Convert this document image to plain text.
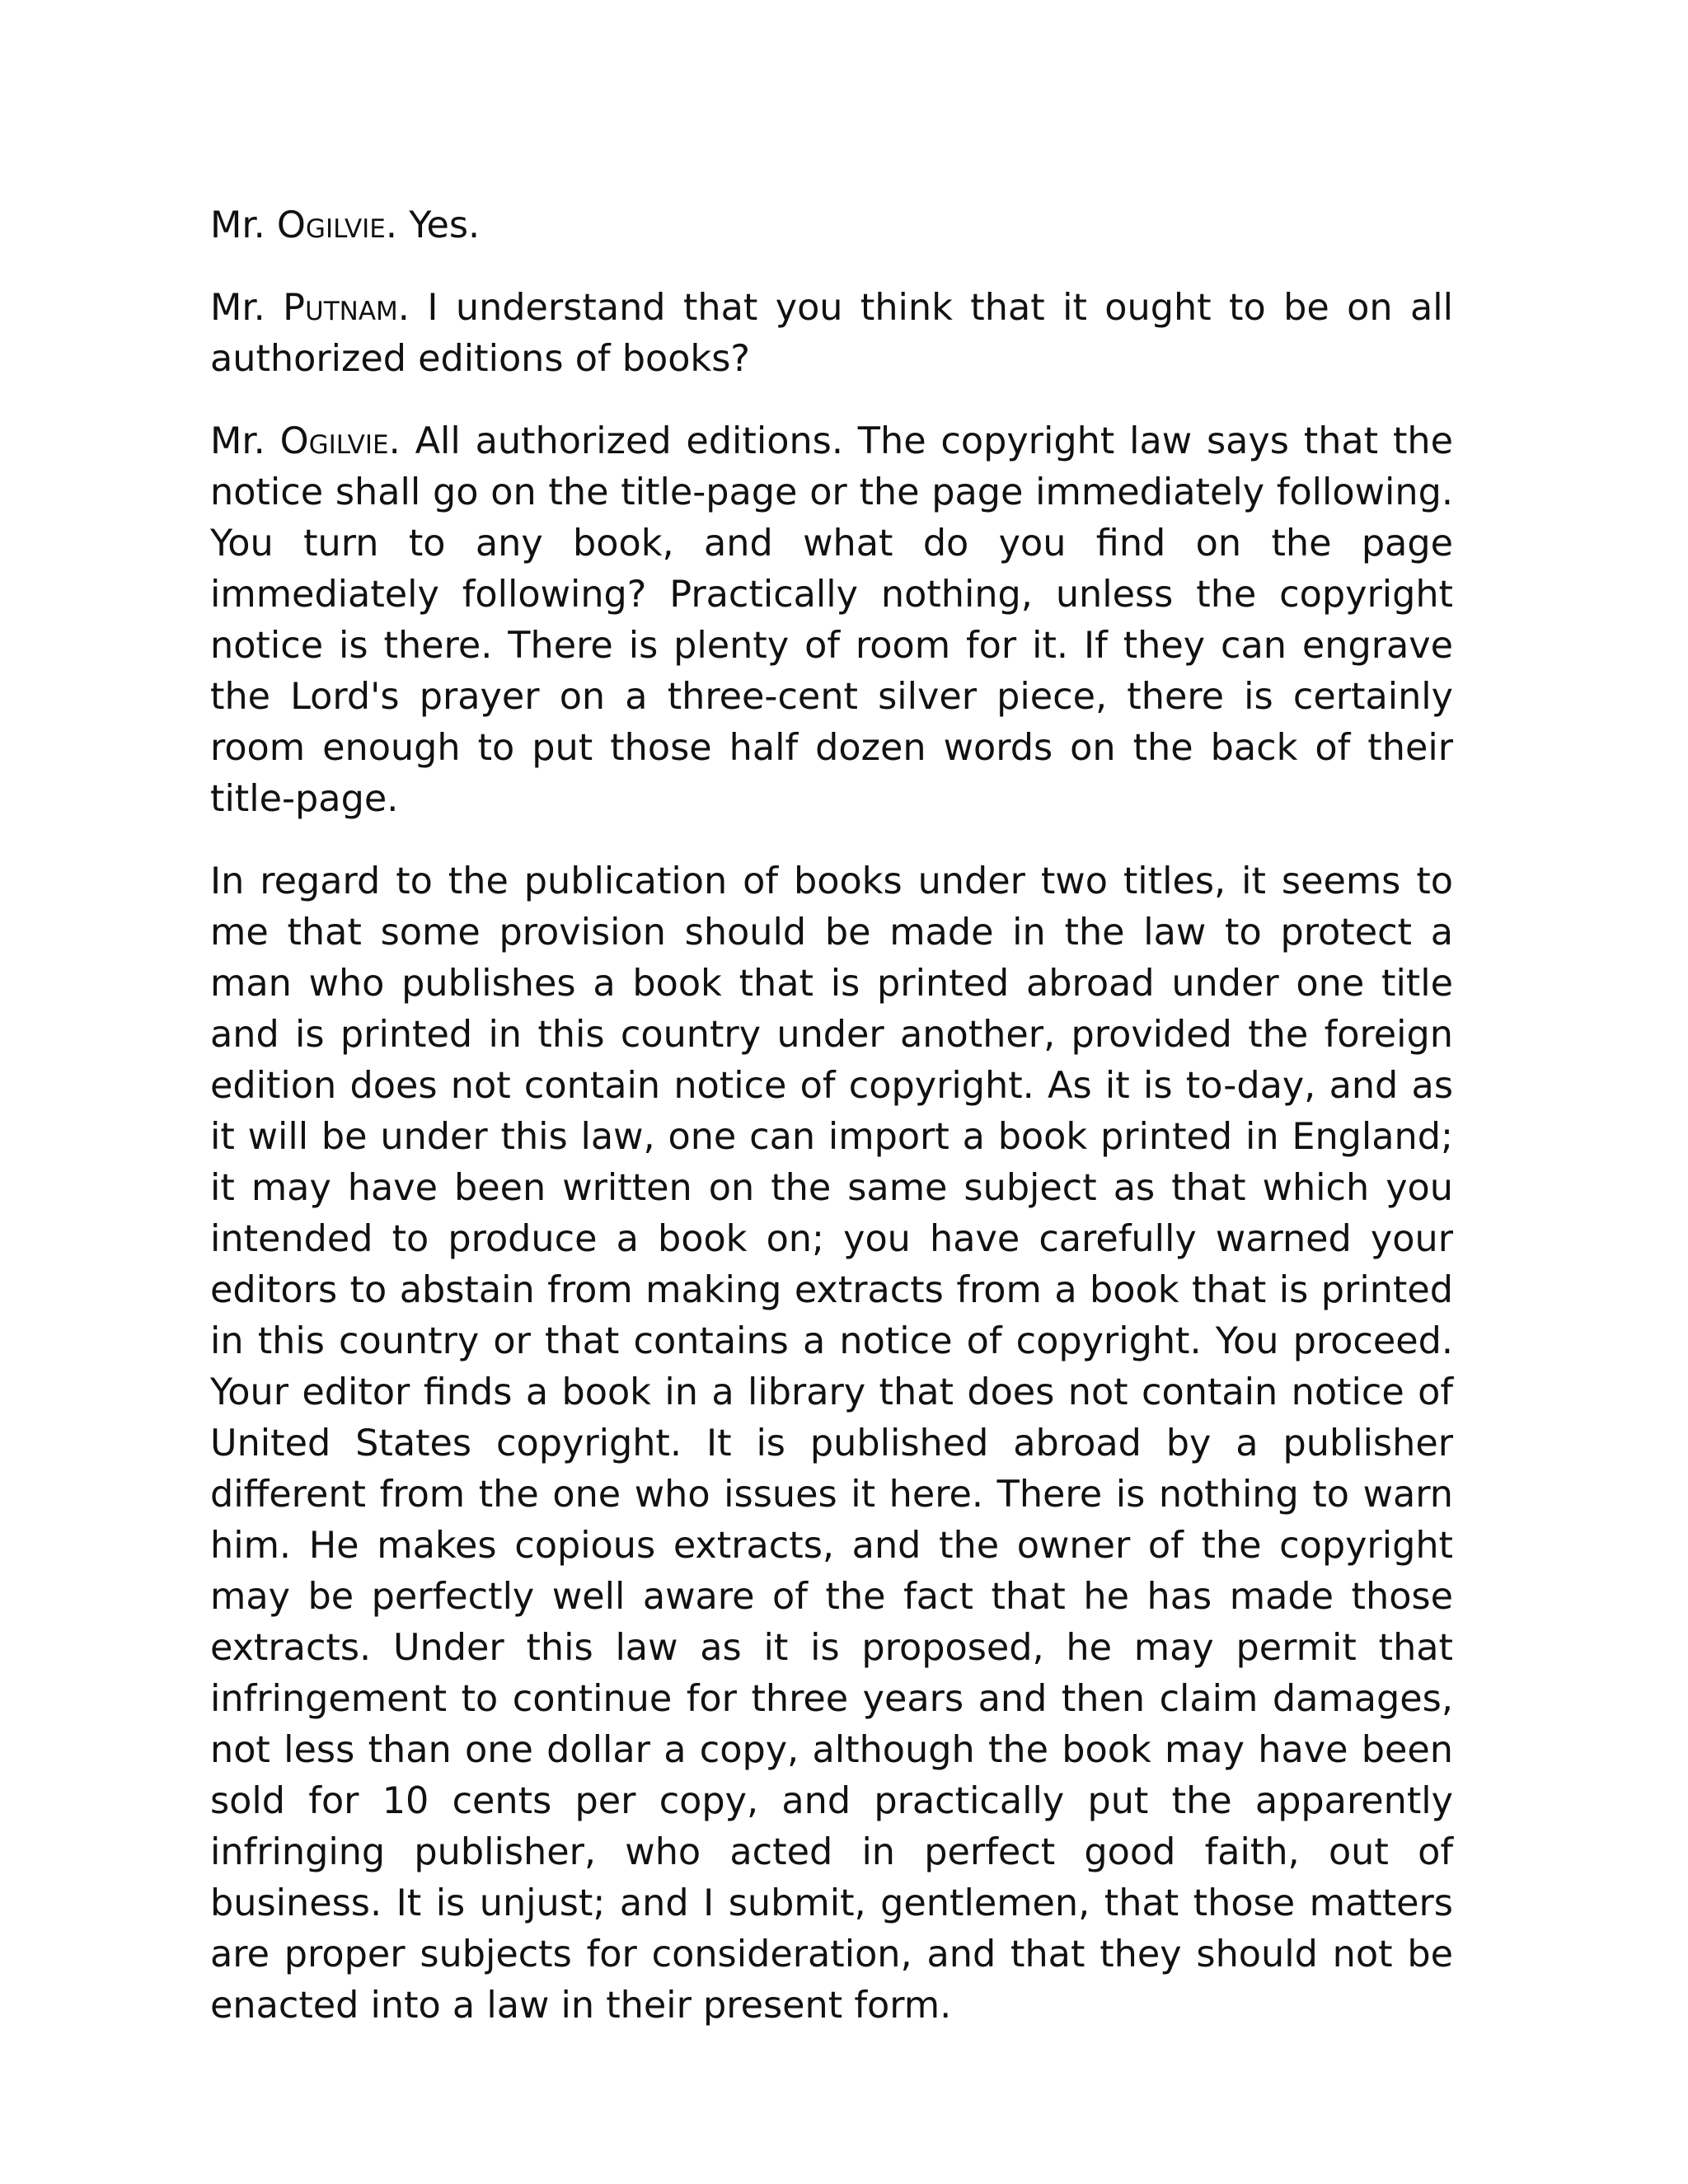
Mr. Ogilvie. Yes.

Mr. Putnam. I understand that you think that it ought to be on all authorized editions of books?

Mr. Ogilvie. All authorized editions. The copyright law says that the notice shall go on the title-page or the page immediately following. You turn to any book, and what do you find on the page immediately following? Practically nothing, unless the copyright notice is there. There is plenty of room for it. If they can engrave the Lord's prayer on a three-cent silver piece, there is certainly room enough to put those half dozen words on the back of their title-page.

In regard to the publication of books under two titles, it seems to me that some provision should be made in the law to protect a man who publishes a book that is printed abroad under one title and is printed in this country under another, provided the foreign edition does not contain notice of copyright. As it is to-day, and as it will be under this law, one can import a book printed in England; it may have been written on the same subject as that which you intended to produce a book on; you have carefully warned your editors to abstain from making extracts from a book that is printed in this country or that contains a notice of copyright. You proceed. Your editor finds a book in a library that does not contain notice of United States copyright. It is published abroad by a publisher different from the one who issues it here. There is nothing to warn him. He makes copious extracts, and the owner of the copyright may be perfectly well aware of the fact that he has made those extracts. Under this law as it is proposed, he may permit that infringement to continue for three years and then claim damages, not less than one dollar a copy, although the book may have been sold for 10 cents per copy, and practically put the apparently infringing publisher, who acted in perfect good faith, out of business. It is unjust; and I submit, gentlemen, that those matters are proper subjects for consideration, and that they should not be enacted into a law in their present form.
